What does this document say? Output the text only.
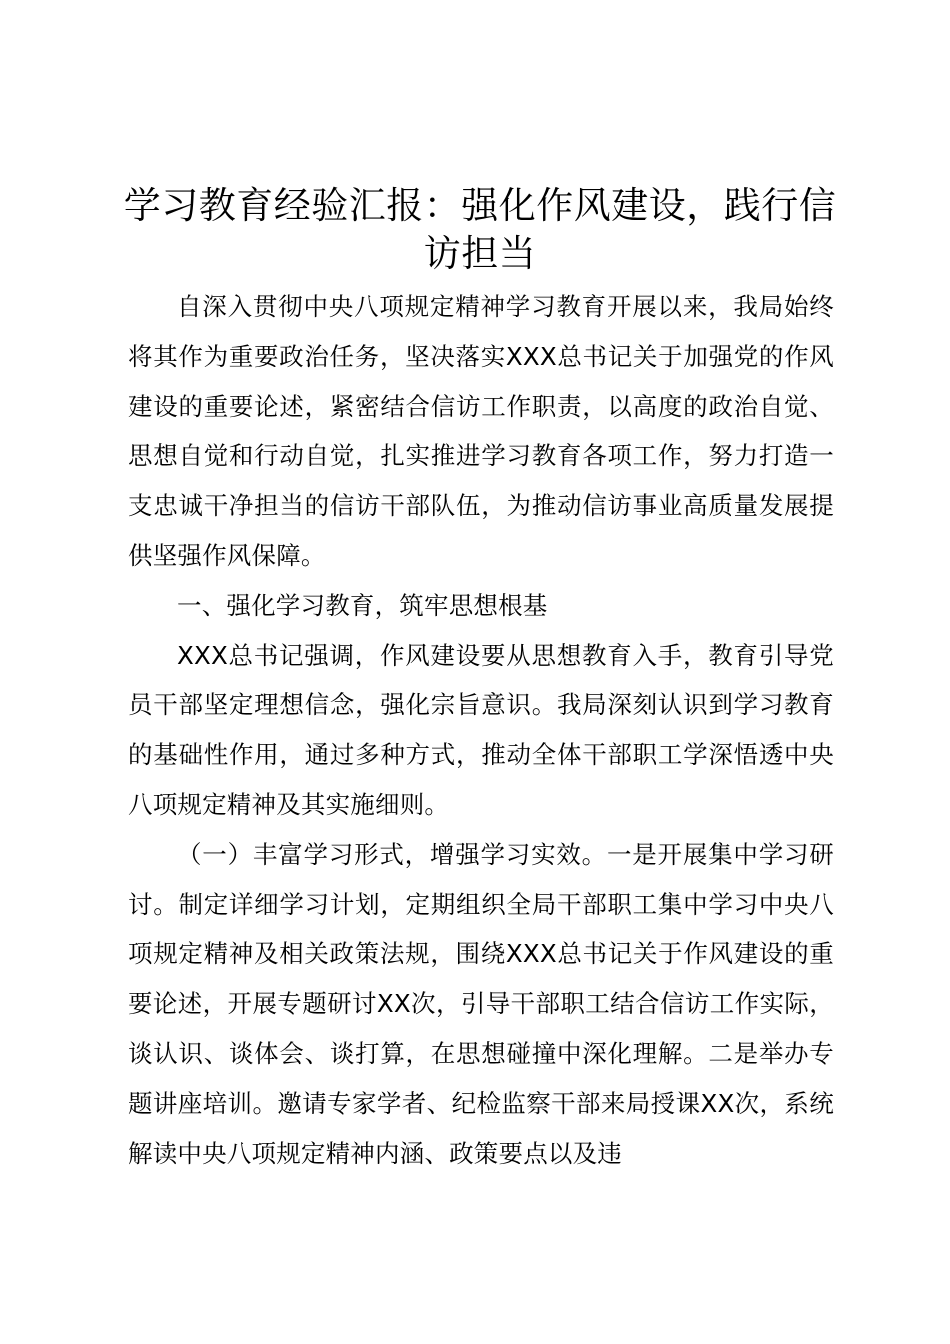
学习教育经验汇报：强化作风建设，践行信访担当

自深入贯彻中央八项规定精神学习教育开展以来，我局始终将其作为重要政治任务，坚决落实XXX总书记关于加强党的作风建设的重要论述，紧密结合信访工作职责，以高度的政治自觉、思想自觉和行动自觉，扎实推进学习教育各项工作，努力打造一支忠诚干净担当的信访干部队伍，为推动信访事业高质量发展提供坚强作风保障。

一、强化学习教育，筑牢思想根基

XXX总书记强调，作风建设要从思想教育入手，教育引导党员干部坚定理想信念，强化宗旨意识。我局深刻认识到学习教育的基础性作用，通过多种方式，推动全体干部职工学深悟透中央八项规定精神及其实施细则。

（一）丰富学习形式，增强学习实效。一是开展集中学习研讨。制定详细学习计划，定期组织全局干部职工集中学习中央八项规定精神及相关政策法规，围绕XXX总书记关于作风建设的重要论述，开展专题研讨XX次，引导干部职工结合信访工作实际，谈认识、谈体会、谈打算，在思想碰撞中深化理解。二是举办专题讲座培训。邀请专家学者、纪检监察干部来局授课XX次，系统解读中央八项规定精神内涵、政策要点以及违
